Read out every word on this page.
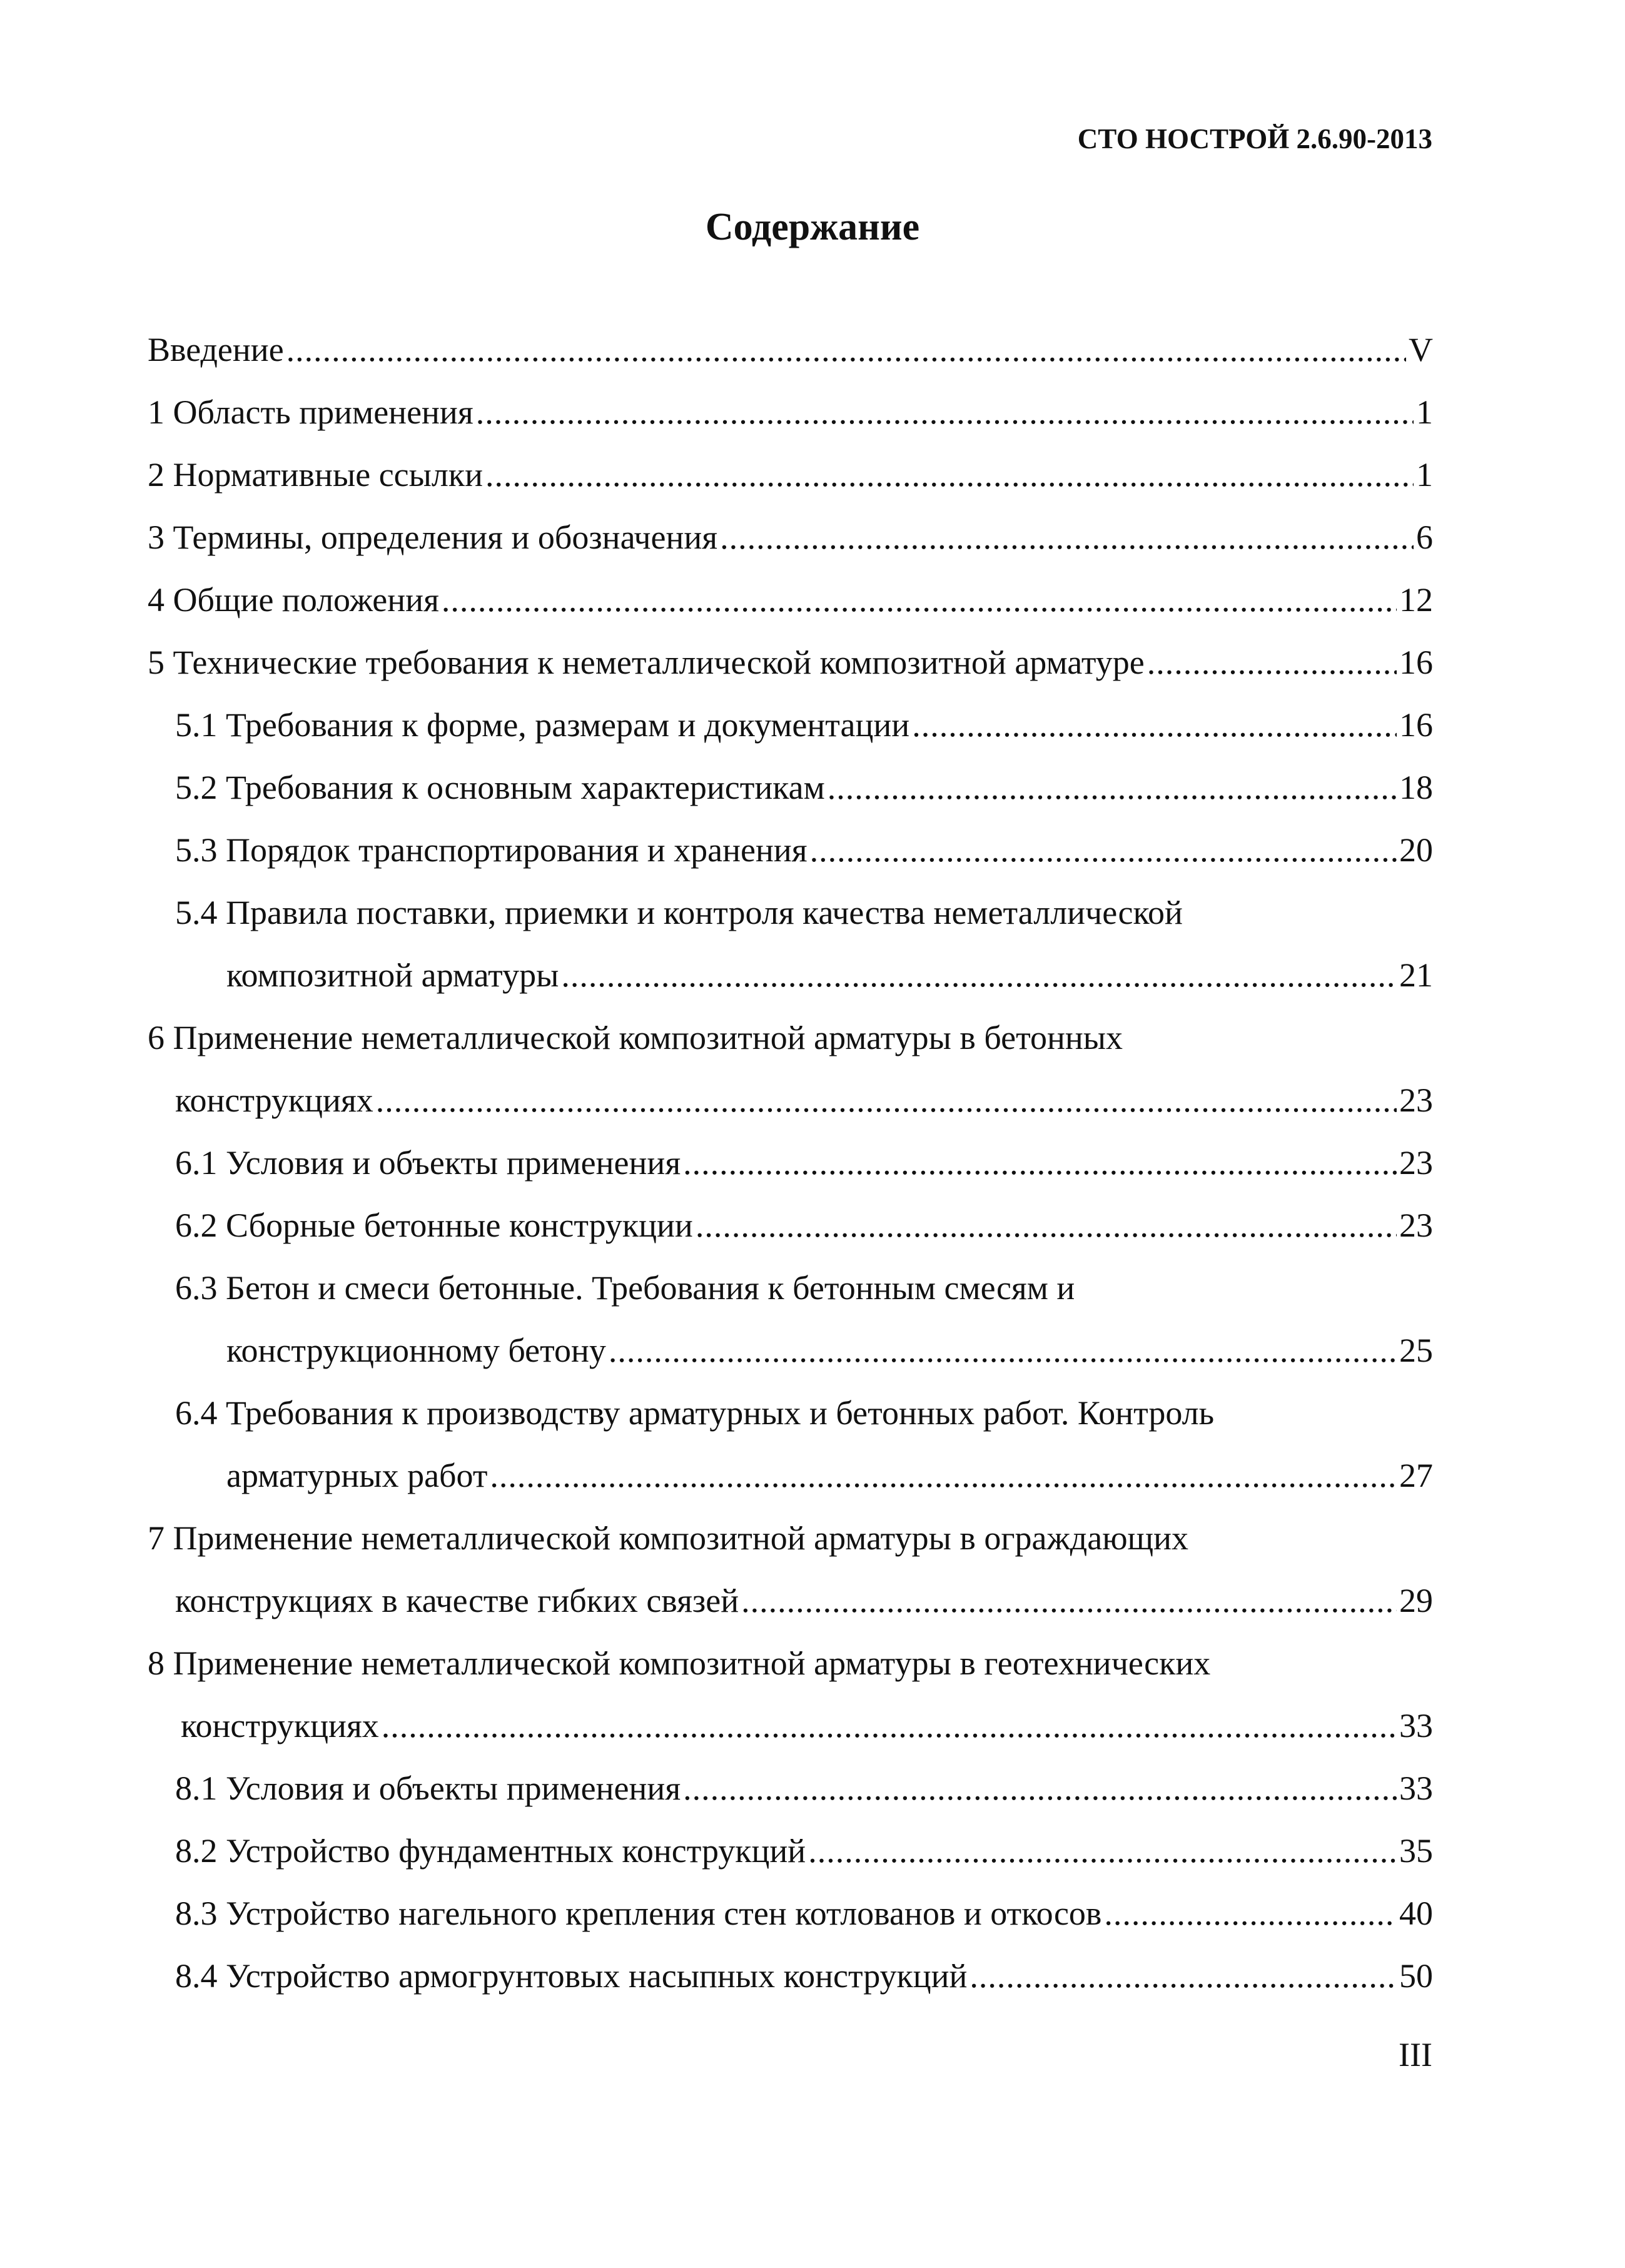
СТО НОСТРОЙ 2.6.90-2013
Содержание
Введение .....	V
1 Область применения .....	1
2 Нормативные ссылки .....	1
3 Термины, определения и обозначения .....	6
4 Общие положения .....	12
5 Технические требования к неметаллической композитной арматуре .....	16
5.1 Требования к форме, размерам и документации .....	16
5.2 Требования к основным характеристикам .....	18
5.3 Порядок транспортирования и хранения .....	20
5.4 Правила поставки, приемки и контроля качества неметаллической
композитной арматуры .....	21
6 Применение неметаллической композитной арматуры в бетонных
конструкциях .....	23
6.1 Условия и объекты применения .....	23
6.2 Сборные бетонные конструкции .....	23
6.3 Бетон и смеси бетонные. Требования к бетонным смесям и
конструкционному бетону .....	25
6.4 Требования к производству арматурных и бетонных работ. Контроль
арматурных работ .....	27
7 Применение неметаллической композитной арматуры в ограждающих
конструкциях в качестве гибких связей .....	29
8 Применение неметаллической композитной арматуры в геотехнических
конструкциях .....	33
8.1 Условия и объекты применения .....	33
8.2 Устройство фундаментных конструкций .....	35
8.3 Устройство нагельного крепления стен котлованов и откосов .....	40
8.4 Устройство армогрунтовых насыпных конструкций .....	50
III
